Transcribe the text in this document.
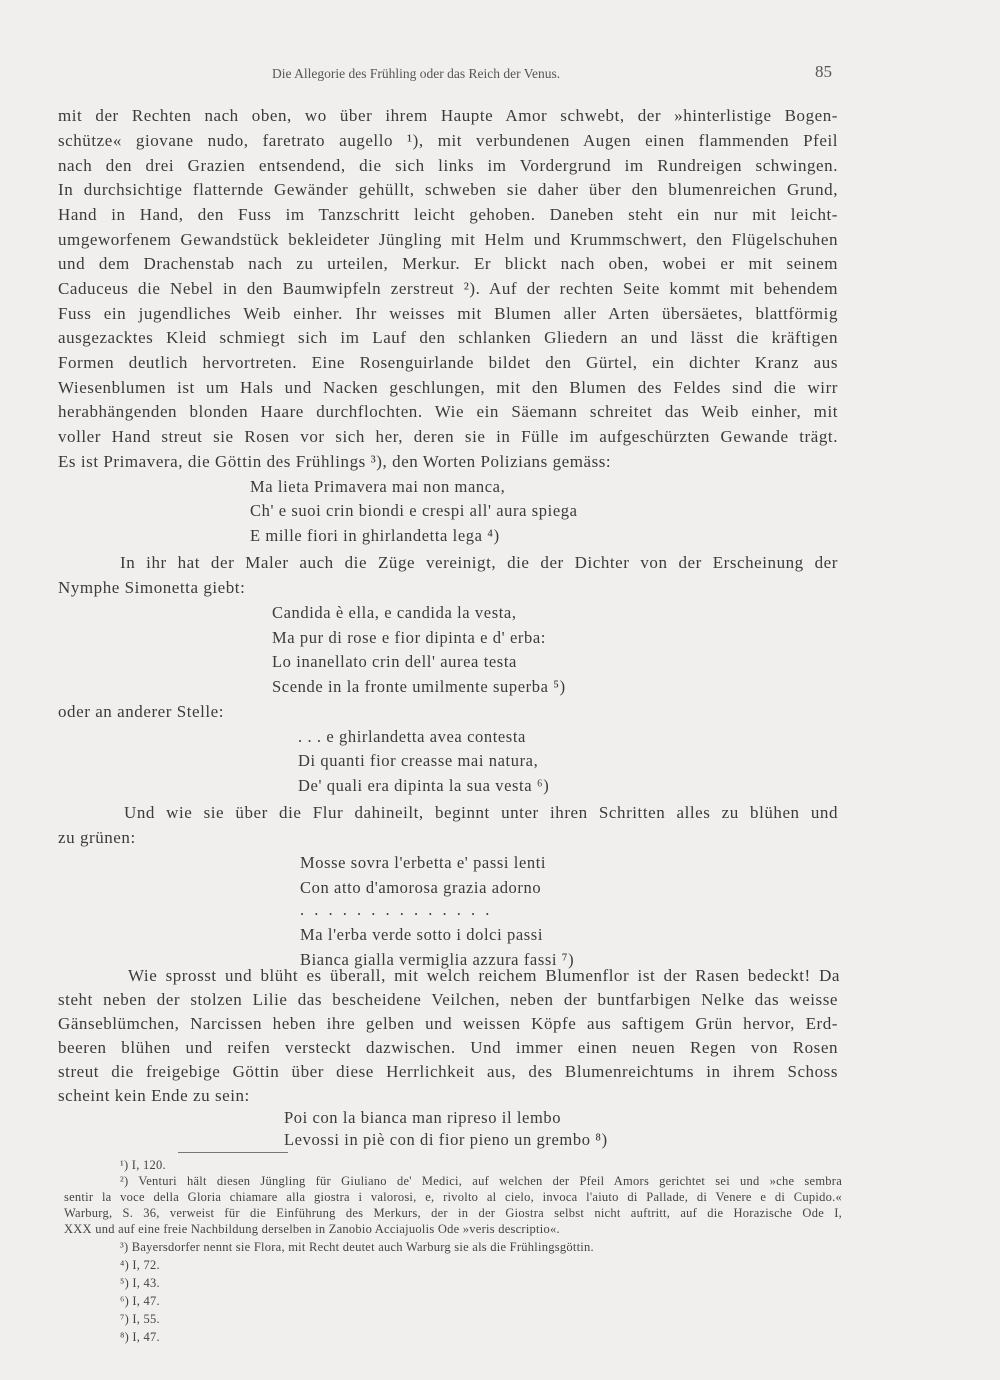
Die Allegorie des Frühling oder das Reich der Venus.	85
mit der Rechten nach oben, wo über ihrem Haupte Amor schwebt, der »hinterlistige Bogen-
schütze« giovane nudo, faretrato augello ¹), mit verbundenen Augen einen flammenden Pfeil
nach den drei Grazien entsendend, die sich links im Vordergrund im Rundreigen schwingen.
In durchsichtige flatternde Gewänder gehüllt, schweben sie daher über den blumenreichen Grund,
Hand in Hand, den Fuss im Tanzschritt leicht gehoben. Daneben steht ein nur mit leicht-
umgeworfenem Gewandstück bekleideter Jüngling mit Helm und Krummschwert, den Flügelschuhen
und dem Drachenstab nach zu urteilen, Merkur. Er blickt nach oben, wobei er mit seinem
Caduceus die Nebel in den Baumwipfeln zerstreut ²). Auf der rechten Seite kommt mit behendem
Fuss ein jugendliches Weib einher. Ihr weisses mit Blumen aller Arten übersäetes, blattförmig
ausgezacktes Kleid schmiegt sich im Lauf den schlanken Gliedern an und lässt die kräftigen
Formen deutlich hervortreten. Eine Rosenguirlande bildet den Gürtel, ein dichter Kranz aus
Wiesenblumen ist um Hals und Nacken geschlungen, mit den Blumen des Feldes sind die wirr
herabhängenden blonden Haare durchflochten. Wie ein Säemann schreitet das Weib einher, mit
voller Hand streut sie Rosen vor sich her, deren sie in Fülle im aufgeschürzten Gewande trägt.
Es ist Primavera, die Göttin des Frühlings ³), den Worten Polizians gemäss:
Ma lieta Primavera mai non manca,
Ch' e suoi crin biondi e crespi all' aura spiega
E mille fiori in ghirlandetta lega ⁴)
In ihr hat der Maler auch die Züge vereinigt, die der Dichter von der Erscheinung der
Nymphe Simonetta giebt:
Candida è ella, e candida la vesta,
Ma pur di rose e fior dipinta e d' erba:
Lo inanellato crin dell' aurea testa
Scende in la fronte umilmente superba ⁵)
oder an anderer Stelle:
. . . e ghirlandetta avea contesta
Di quanti fior creasse mai natura,
De' quali era dipinta la sua vesta ⁶)
Und wie sie über die Flur dahineilt, beginnt unter ihren Schritten alles zu blühen und
zu grünen:
Mosse sovra l'erbetta e' passi lenti
Con atto d'amorosa grazia adorno
. . . . . . . . . . . . . .
Ma l'erba verde sotto i dolci passi
Bianca gialla vermiglia azzura fassi ⁷)
Wie sprosst und blüht es überall, mit welch reichem Blumenflor ist der Rasen bedeckt! Da
steht neben der stolzen Lilie das bescheidene Veilchen, neben der buntfarbigen Nelke das weisse
Gänseblümchen, Narcissen heben ihre gelben und weissen Köpfe aus saftigem Grün hervor, Erd-
beeren blühen und reifen versteckt dazwischen. Und immer einen neuen Regen von Rosen
streut die freigebige Göttin über diese Herrlichkeit aus, des Blumenreichtums in ihrem Schoss
scheint kein Ende zu sein:
Poi con la bianca man ripreso il lembo
Levossi in piè con di fior pieno un grembo ⁸)
¹) I, 120.
²) Venturi hält diesen Jüngling für Giuliano de' Medici, auf welchen der Pfeil Amors gerichtet sei und »che sembra
sentir la voce della Gloria chiamare alla giostra i valorosi, e, rivolto al cielo, invoca l'aiuto di Pallade, di Venere e di Cupido.«
Warburg, S. 36, verweist für die Einführung des Merkurs, der in der Giostra selbst nicht auftritt, auf die Horazische Ode I,
XXX und auf eine freie Nachbildung derselben in Zanobio Acciajuolis Ode »veris descriptio«.
³) Bayersdorfer nennt sie Flora, mit Recht deutet auch Warburg sie als die Frühlingsgöttin.
⁴) I, 72.
⁵) I, 43.
⁶) I, 47.
⁷) I, 55.
⁸) I, 47.
